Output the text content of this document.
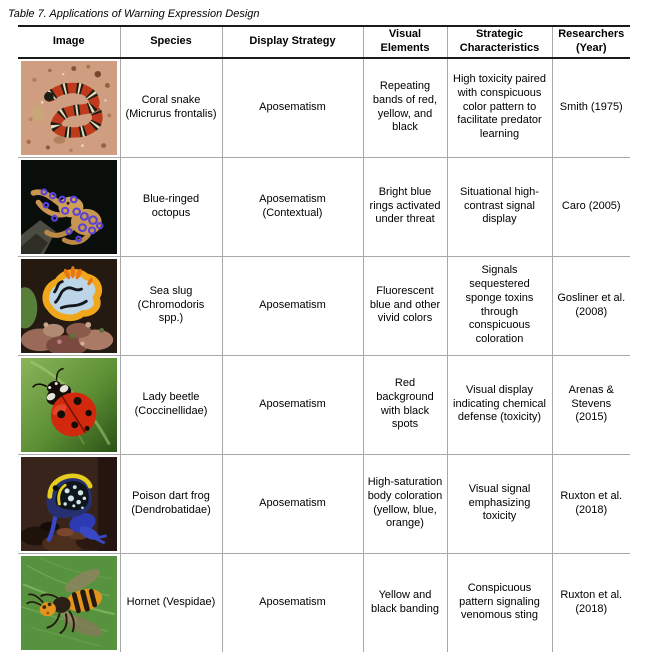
Table 7. Applications of Warning Expression Design
Image	Species	Display Strategy	Visual Elements	Strategic Characteristics	Researchers (Year)

	Coral snake (Micrurus frontalis)	Aposematism	Repeating bands of red, yellow, and black	High toxicity paired with conspicuous color pattern to facilitate predator learning	Smith (1975)

	Blue-ringed octopus	Aposematism (Contextual)	Bright blue rings activated under threat	Situational high-contrast signal display	Caro (2005)

	Sea slug (Chromodoris spp.)	Aposematism	Fluorescent blue and other vivid colors	Signals sequestered sponge toxins through conspicuous coloration	Gosliner et al. (2008)

	Lady beetle (Coccinellidae)	Aposematism	Red background with black spots	Visual display indicating chemical defense (toxicity)	Arenas & Stevens (2015)

	Poison dart frog (Dendrobatidae)	Aposematism	High-saturation body coloration (yellow, blue, orange)	Visual signal emphasizing toxicity	Ruxton et al. (2018)

	Hornet (Vespidae)	Aposematism	Yellow and black banding	Conspicuous pattern signaling venomous sting	Ruxton et al. (2018)
